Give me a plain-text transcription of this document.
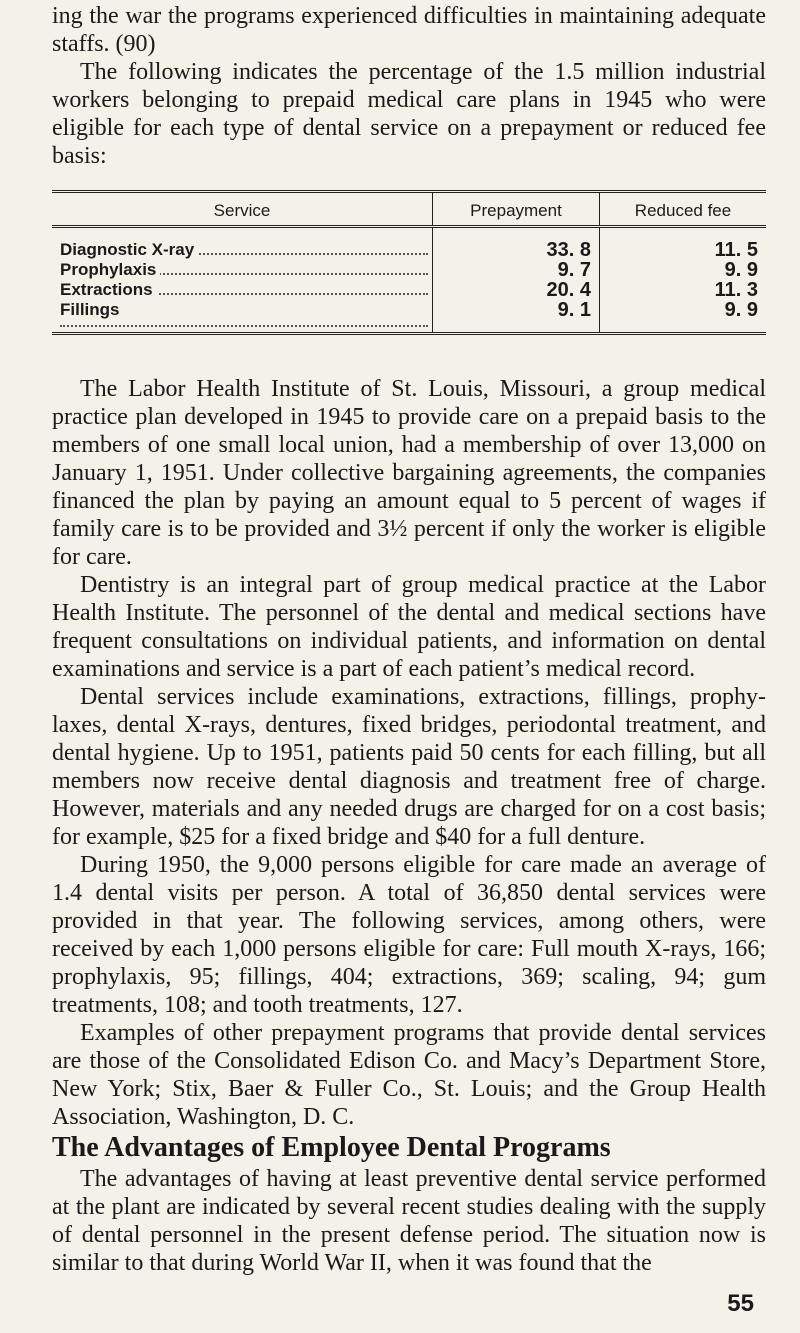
ing the war the programs experienced difficulties in maintaining adequate staffs. (90)

The following indicates the percentage of the 1.5 million industrial workers belonging to prepaid medical care plans in 1945 who were eligible for each type of dental service on a prepayment or reduced fee basis:

Service	Prepayment	Reduced fee
Diagnostic X-ray	33. 8	11. 5
Prophylaxis	9. 7	9. 9
Extractions	20. 4	11. 3
Fillings	9. 1	9. 9

The Labor Health Institute of St. Louis, Missouri, a group medical practice plan developed in 1945 to provide care on a prepaid basis to the members of one small local union, had a membership of over 13,000 on January 1, 1951. Under collective bargaining agreements, the companies financed the plan by paying an amount equal to 5 percent of wages if family care is to be provided and 3½ percent if only the worker is eligible for care.

Dentistry is an integral part of group medical practice at the Labor Health Institute. The personnel of the dental and medical sections have frequent consultations on individual patients, and information on dental examinations and service is a part of each patient’s medical record.

Dental services include examinations, extractions, fillings, prophylaxes, dental X-rays, dentures, fixed bridges, periodontal treatment, and dental hygiene. Up to 1951, patients paid 50 cents for each filling, but all members now receive dental diagnosis and treatment free of charge. However, materials and any needed drugs are charged for on a cost basis; for example, $25 for a fixed bridge and $40 for a full denture.

During 1950, the 9,000 persons eligible for care made an average of 1.4 dental visits per person. A total of 36,850 dental services were provided in that year. The following services, among others, were received by each 1,000 persons eligible for care: Full mouth X-rays, 166; prophylaxis, 95; fillings, 404; extractions, 369; scaling, 94; gum treatments, 108; and tooth treatments, 127.

Examples of other prepayment programs that provide dental services are those of the Consolidated Edison Co. and Macy’s Department Store, New York; Stix, Baer & Fuller Co., St. Louis; and the Group Health Association, Washington, D. C.

The Advantages of Employee Dental Programs

The advantages of having at least preventive dental service performed at the plant are indicated by several recent studies dealing with the supply of dental personnel in the present defense period. The situation now is similar to that during World War II, when it was found that the

55
